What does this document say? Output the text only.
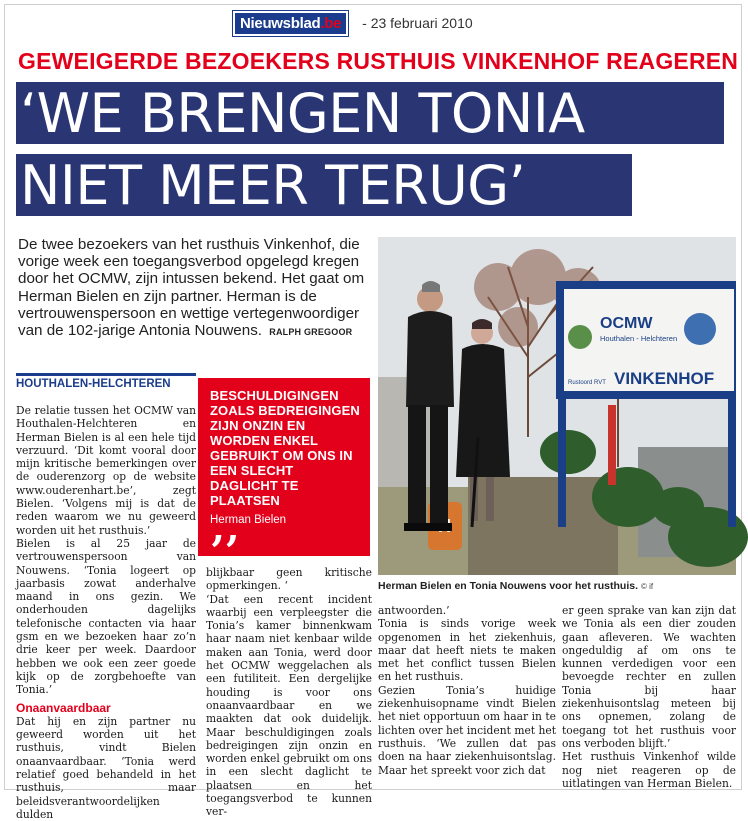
Nieuwsblad.be	- 23 februari 2010
GEWEIGERDE BEZOEKERS RUSTHUIS VINKENHOF REAGEREN
‘WE BRENGEN TONIA
NIET MEER TERUG’
De twee bezoekers van het rusthuis Vinkenhof, die vorige week een toegangsverbod opgelegd kregen door het OCMW, zijn intussen bekend. Het gaat om Herman Bielen en zijn partner. Herman is de vertrouwenspersoon en wettige vertegenwoordiger van de 102-jarige Antonia Nouwens. RALPH GREGOOR
HOUTHALEN-HELCHTEREN

De relatie tussen het OCMW van Houthalen-Helchteren en Herman Bielen is al een hele tijd verzuurd. ‘Dit komt vooral door mijn kritische bemerkingen over de ouderenzorg op de website www.ouderenhart.be’, zegt Bielen. ‘Volgens mij is dat de reden waarom we nu geweerd worden uit het rusthuis.’

Bielen is al 25 jaar de vertrouwenspersoon van Nouwens. ‘Tonia logeert op jaarbasis zowat anderhalve maand in ons gezin. We onderhouden dagelijks telefonische contacten via haar gsm en we bezoeken haar zo’n drie keer per week. Daardoor hebben we ook een zeer goede kijk op de zorgbehoefte van Tonia.’

Onaanvaardbaar

Dat hij en zijn partner nu geweerd worden uit het rusthuis, vindt Bielen onaanvaardbaar. ‘Tonia werd relatief goed behandeld in het rusthuis, maar beleidsverantwoordelijken dulden

BESCHULDIGINGEN ZOALS BEDREIGINGEN ZIJN ONZIN EN WORDEN ENKEL GEBRUIKT OM ONS IN EEN SLECHT DAGLICHT TE PLAATSEN
Herman Bielen
’’

blijkbaar geen kritische opmerkingen. ‘

‘Dat een recent incident waarbij een verpleegster die Tonia’s kamer binnenkwam haar naam niet kenbaar wilde maken aan Tonia, werd door het OCMW weggelachen als een futiliteit. Een dergelijke houding is voor ons onaanvaardbaar en we maakten dat ook duidelijk. Maar beschuldigingen zoals bedreigingen zijn onzin en worden enkel gebruikt om ons in een slecht daglicht te plaatsen en het toegangsverbod te kunnen ver-

antwoorden.’

Tonia is sinds vorige week opgenomen in het ziekenhuis, maar dat heeft niets te maken met het conflict tussen Bielen en het rusthuis.

Gezien Tonia’s huidige ziekenhuisopname vindt Bielen het niet opportuun om haar in te lichten over het incident met het rusthuis. ‘We zullen dat pas doen na haar ziekenhuisontslag. Maar het spreekt voor zich dat

er geen sprake van kan zijn dat we Tonia als een dier zouden gaan afleveren. We wachten ongeduldig af om ons te kunnen verdedigen voor een bevoegde rechter en zullen Tonia bij haar ziekenhuisontslag meteen bij ons opnemen, zolang de toegang tot het rusthuis voor ons verboden blijft.’

Het rusthuis Vinkenhof wilde nog niet reageren op de uitlatingen van Herman Bielen.

OCMW
Houthalen - Helchteren
Rustoord RVT VINKENHOF
Herman Bielen en Tonia Nouwens voor het rusthuis. © if
